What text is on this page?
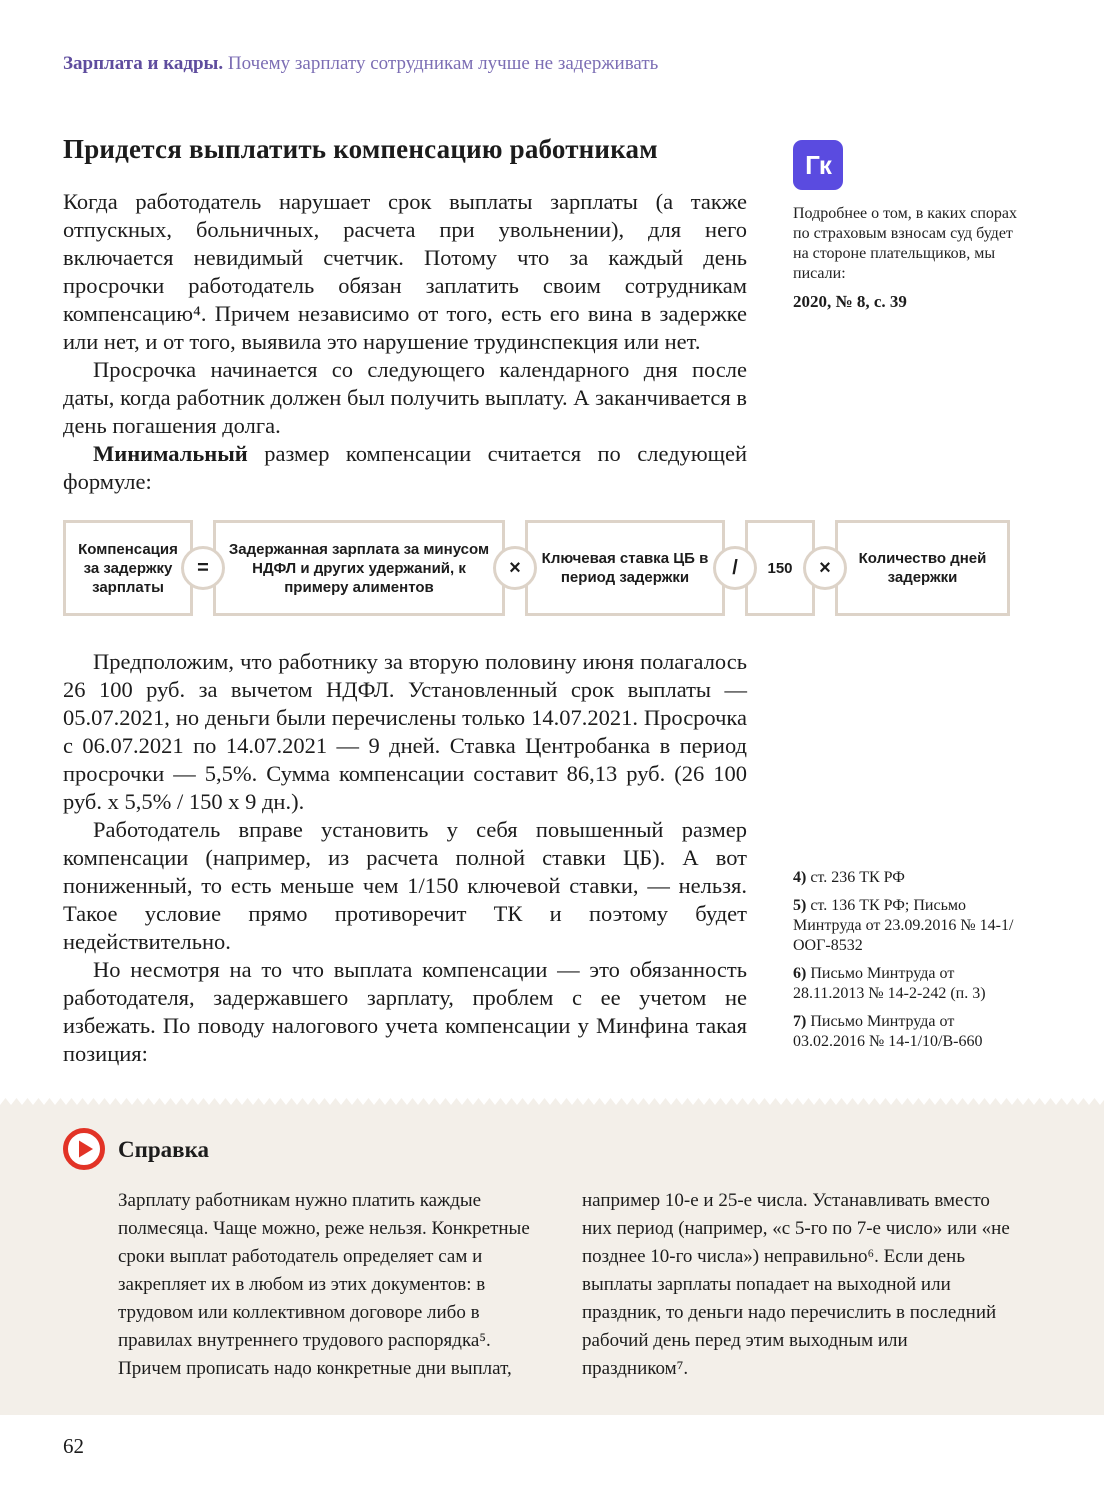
Зарплата и кадры. Почему зарплату сотрудникам лучше не задерживать
Придется выплатить компенсацию работникам

Когда работодатель нарушает срок выплаты зарплаты (а также отпускных, больничных, расчета при увольнении), для него включается невидимый счетчик. Потому что за каждый день просрочки работодатель обязан заплатить своим сотрудникам компенсацию⁴. Причем независимо от того, есть его вина в задержке или нет, и от того, выявила это нарушение трудинспекция или нет.

Просрочка начинается со следующего календарного дня после даты, когда работник должен был получить выплату. А заканчивается в день погашения долга.

Минимальный размер компенсации считается по следующей формуле:

Компенсация за задержку зарплаты
=
Задержанная зарплата за минусом НДФЛ и других удержаний, к примеру алиментов
×	Ключевая ставка ЦБ в период задержки	/	150	×	Количество дней задержки

Предположим, что работнику за вторую половину июня полагалось 26 100 руб. за вычетом НДФЛ. Установленный срок выплаты — 05.07.2021, но деньги были перечислены только 14.07.2021. Просрочка с 06.07.2021 по 14.07.2021 — 9 дней. Ставка Центробанка в период просрочки — 5,5%. Сумма компенсации составит 86,13 руб. (26 100 руб. х 5,5% / 150 х 9 дн.).

Работодатель вправе установить у себя повышенный размер компенсации (например, из расчета полной ставки ЦБ). А вот пониженный, то есть меньше чем 1/150 ключевой ставки, — нельзя. Такое условие прямо противоречит ТК и поэтому будет недействительно.

Но несмотря на то что выплата компенсации — это обязанность работодателя, задержавшего зарплату, проблем с ее учетом не избежать. По поводу налогового учета компенсации у Минфина такая позиция:

Гк

Подробнее о том, в каких спорах по страховым взносам суд будет на стороне плательщиков, мы писали:

2020, № 8, с. 39

4) ст. 236 ТК РФ

5) ст. 136 ТК РФ; Письмо Минтруда от 23.09.2016 № 14-1/ООГ-8532

6) Письмо Минтруда от 28.11.2013 № 14-2-242 (п. 3)

7) Письмо Минтруда от 03.02.2016 № 14-1/10/В-660

Справка

Зарплату работникам нужно платить каждые полмесяца. Чаще можно, реже нельзя. Конкретные сроки выплат работодатель определяет сам и закрепляет их в любом из этих документов: в трудовом или коллективном договоре либо в правилах внутреннего трудового распорядка⁵. Причем прописать надо конкретные дни выплат,

например 10-е и 25-е числа. Устанавливать вместо них период (например, «с 5-го по 7-е число» или «не позднее 10-го числа») неправильно⁶. Если день выплаты зарплаты попадает на выходной или праздник, то деньги надо перечислить в последний рабочий день перед этим выходным или праздником⁷.

62
